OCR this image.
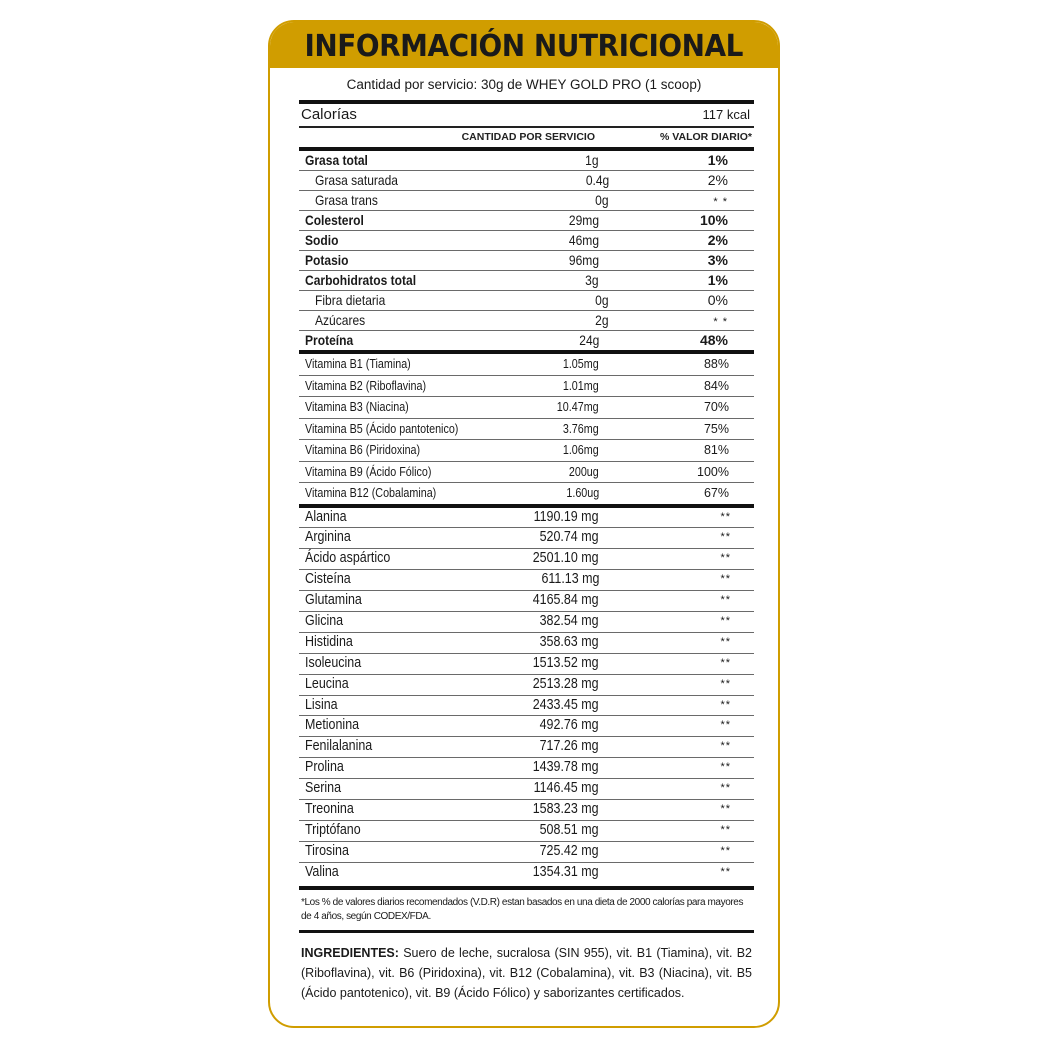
INFORMACIÓN NUTRICIONAL
Cantidad por servicio: 30g de WHEY GOLD PRO (1 scoop)
Calorías	117 kcal
CANTIDAD POR SERVICIO	% VALOR DIARIO*
Grasa total	1g	1%
Grasa saturada	0.4g	2%
Grasa trans	0g	* *
Colesterol	29mg	10%
Sodio	46mg	2%
Potasio	96mg	3%
Carbohidratos total	3g	1%
Fibra dietaria	0g	0%
Azúcares	2g	* *
Proteína	24g	48%
Vitamina B1 (Tiamina)	1.05mg	88%
Vitamina B2 (Riboflavina)	1.01mg	84%
Vitamina B3 (Niacina)	10.47mg	70%
Vitamina B5 (Ácido pantotenico)	3.76mg	75%
Vitamina B6 (Piridoxina)	1.06mg	81%
Vitamina B9 (Ácido Fólico)	200ug	100%
Vitamina B12 (Cobalamina)	1.60ug	67%
Alanina	1190.19 mg	**
Arginina	520.74 mg	**
Ácido aspártico	2501.10 mg	**
Cisteína	611.13 mg	**
Glutamina	4165.84 mg	**
Glicina	382.54 mg	**
Histidina	358.63 mg	**
Isoleucina	1513.52 mg	**
Leucina	2513.28 mg	**
Lisina	2433.45 mg	**
Metionina	492.76 mg	**
Fenilalanina	717.26 mg	**
Prolina	1439.78 mg	**
Serina	1146.45 mg	**
Treonina	1583.23 mg	**
Triptófano	508.51 mg	**
Tirosina	725.42 mg	**
Valina	1354.31 mg	**
*Los % de valores diarios recomendados (V.D.R) estan basados en una dieta de 2000 calorías para mayores de 4 años, según CODEX/FDA.
INGREDIENTES: Suero de leche, sucralosa (SIN 955), vit. B1 (Tiamina), vit. B2 (Riboflavina), vit. B6 (Piridoxina), vit. B12 (Cobalamina), vit. B3 (Niacina), vit. B5 (Ácido pantotenico), vit. B9 (Ácido Fólico) y saborizantes certificados.
